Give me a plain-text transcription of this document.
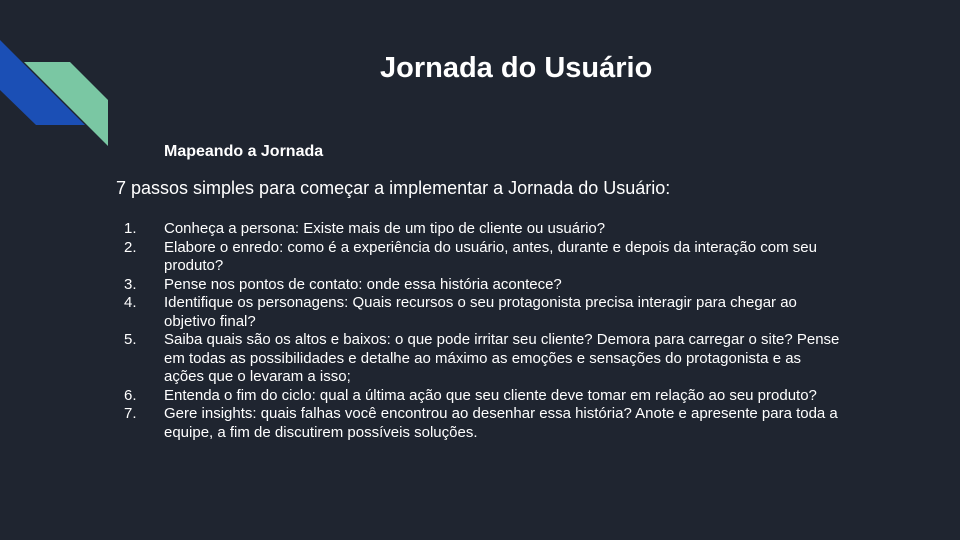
Jornada do Usuário
Mapeando a Jornada
7 passos simples para começar a implementar a Jornada do Usuário:
1.	Conheça a persona: Existe mais de um tipo de cliente ou usuário?
2.	Elabore o enredo: como é a experiência do usuário, antes, durante e depois da interação com seu produto?
3.	Pense nos pontos de contato: onde essa história acontece?
4.	Identifique os personagens: Quais recursos o seu protagonista precisa interagir para chegar ao objetivo final?
5.	Saiba quais são os altos e baixos: o que pode irritar seu cliente? Demora para carregar o site? Pense em todas as possibilidades e detalhe ao máximo as emoções e sensações do protagonista e as ações que o levaram a isso;
6.	Entenda o fim do ciclo: qual a última ação que seu cliente deve tomar em relação ao seu produto?
7.	Gere insights: quais falhas você encontrou ao desenhar essa história? Anote e apresente para toda a equipe, a fim de discutirem possíveis soluções.
